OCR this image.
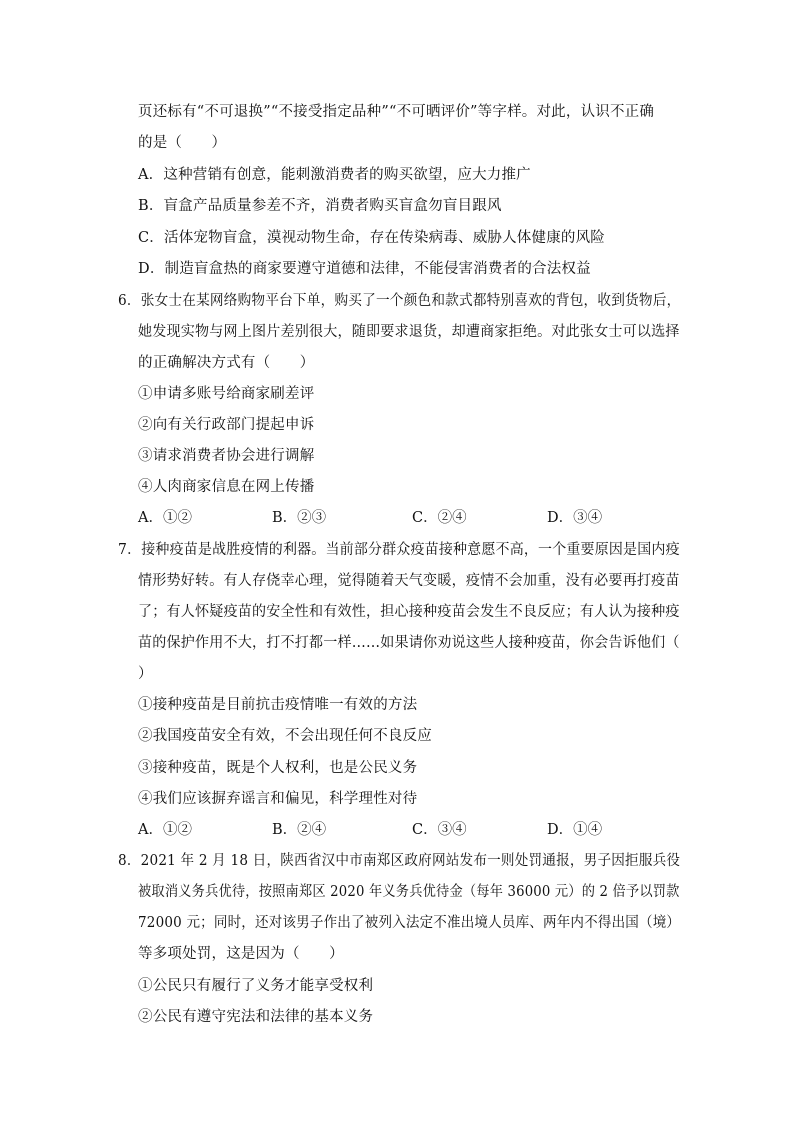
页还标有“不可退换”“不接受指定品种”“不可晒评价”等字样。对此，认识不正确
的是（　　）
A．这种营销有创意，能刺激消费者的购买欲望，应大力推广
B．盲盒产品质量参差不齐，消费者购买盲盒勿盲目跟风
C．活体宠物盲盒，漠视动物生命，存在传染病毒、威胁人体健康的风险
D．制造盲盒热的商家要遵守道德和法律，不能侵害消费者的合法权益
6．张女士在某网络购物平台下单，购买了一个颜色和款式都特别喜欢的背包，收到货物后，
她发现实物与网上图片差别很大，随即要求退货，却遭商家拒绝。对此张女士可以选择
的正确解决方式有（　　）
①申请多账号给商家刷差评
②向有关行政部门提起申诉
③请求消费者协会进行调解
④人肉商家信息在网上传播
A．①②	B．②③	C．②④	D．③④
7．接种疫苗是战胜疫情的利器。当前部分群众疫苗接种意愿不高，一个重要原因是国内疫
情形势好转。有人存侥幸心理，觉得随着天气变暖，疫情不会加重，没有必要再打疫苗
了；有人怀疑疫苗的安全性和有效性，担心接种疫苗会发生不良反应；有人认为接种疫
苗的保护作用不大，打不打都一样……如果请你劝说这些人接种疫苗，你会告诉他们（
）
①接种疫苗是目前抗击疫情唯一有效的方法
②我国疫苗安全有效，不会出现任何不良反应
③接种疫苗，既是个人权利，也是公民义务
④我们应该摒弃谣言和偏见，科学理性对待
A．①②	B．②④	C．③④	D．①④
8．2021 年 2 月 18 日，陕西省汉中市南郑区政府网站发布一则处罚通报，男子因拒服兵役
被取消义务兵优待，按照南郑区 2020 年义务兵优待金（每年 36000 元）的 2 倍予以罚款
72000 元；同时，还对该男子作出了被列入法定不准出境人员库、两年内不得出国（境）
等多项处罚，这是因为（　　）
①公民只有履行了义务才能享受权利
②公民有遵守宪法和法律的基本义务
